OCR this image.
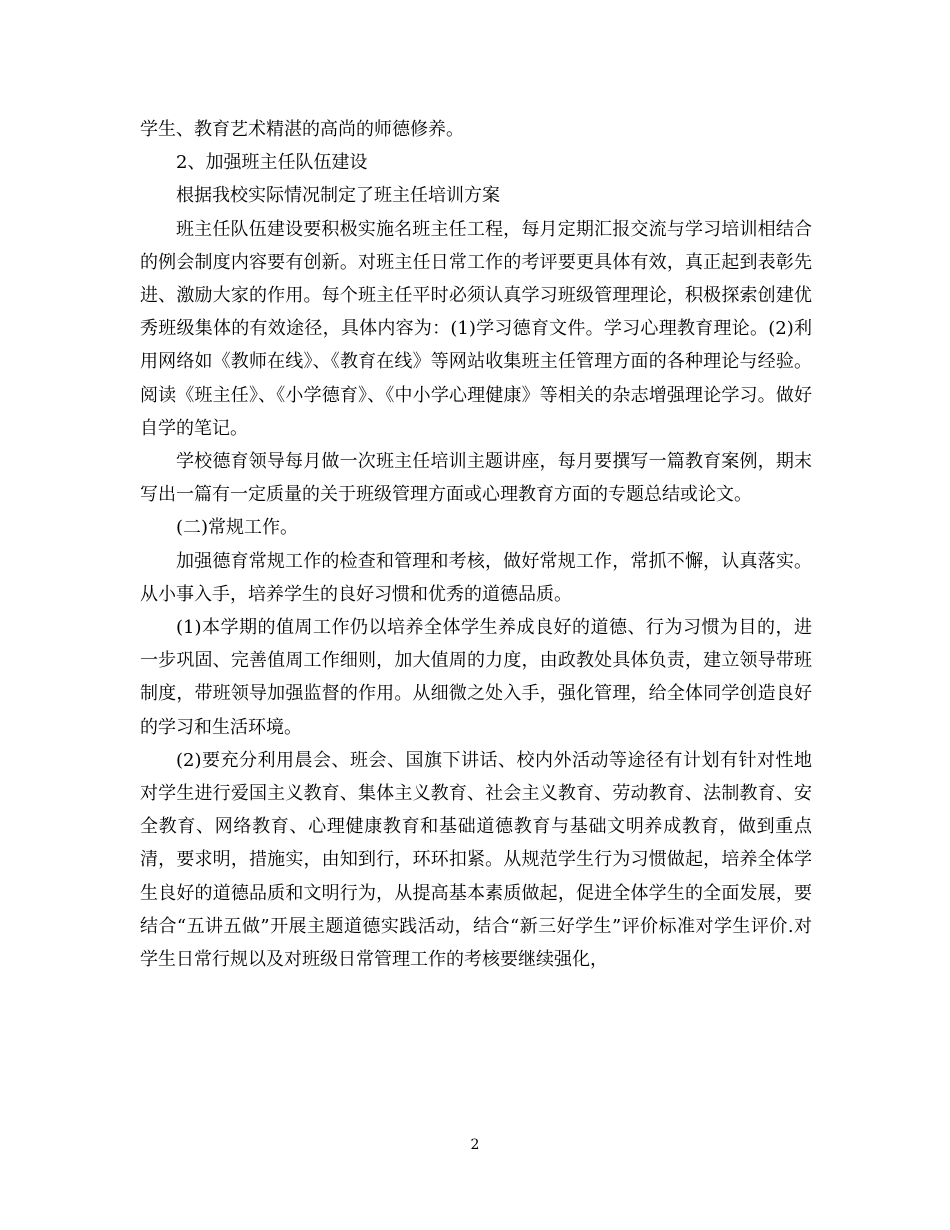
学生、教育艺术精湛的高尚的师德修养。

2、加强班主任队伍建设

根据我校实际情况制定了班主任培训方案

班主任队伍建设要积极实施名班主任工程，每月定期汇报交流与学习培训相结合的例会制度内容要有创新。对班主任日常工作的考评要更具体有效，真正起到表彰先进、激励大家的作用。每个班主任平时必须认真学习班级管理理论，积极探索创建优秀班级集体的有效途径，具体内容为：(1)学习德育文件。学习心理教育理论。(2)利用网络如《教师在线》、《教育在线》等网站收集班主任管理方面的各种理论与经验。阅读《班主任》、《小学德育》、《中小学心理健康》等相关的杂志增强理论学习。做好自学的笔记。

学校德育领导每月做一次班主任培训主题讲座，每月要撰写一篇教育案例，期末写出一篇有一定质量的关于班级管理方面或心理教育方面的专题总结或论文。

(二)常规工作。

加强德育常规工作的检查和管理和考核，做好常规工作，常抓不懈，认真落实。从小事入手，培养学生的良好习惯和优秀的道德品质。

(1)本学期的值周工作仍以培养全体学生养成良好的道德、行为习惯为目的，进一步巩固、完善值周工作细则，加大值周的力度，由政教处具体负责，建立领导带班制度，带班领导加强监督的作用。从细微之处入手，强化管理，给全体同学创造良好的学习和生活环境。

(2)要充分利用晨会、班会、国旗下讲话、校内外活动等途径有计划有针对性地对学生进行爱国主义教育、集体主义教育、社会主义教育、劳动教育、法制教育、安全教育、网络教育、心理健康教育和基础道德教育与基础文明养成教育，做到重点清，要求明，措施实，由知到行，环环扣紧。从规范学生行为习惯做起，培养全体学生良好的道德品质和文明行为，从提高基本素质做起，促进全体学生的全面发展，要结合“五讲五做”开展主题道德实践活动，结合“新三好学生”评价标准对学生评价.对学生日常行规以及对班级日常管理工作的考核要继续强化，

2
